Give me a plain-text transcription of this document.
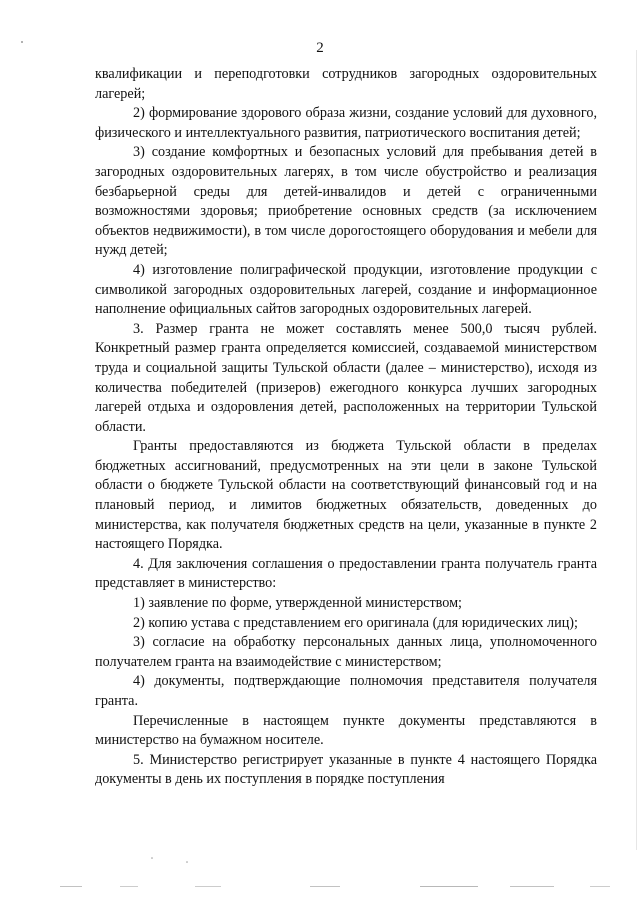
2

квалификации и переподготовки сотрудников загородных оздоровительных лагерей;

2) формирование здорового образа жизни, создание условий для духовного, физического и интеллектуального развития, патриотического воспитания детей;

3) создание комфортных и безопасных условий для пребывания детей в загородных оздоровительных лагерях, в том числе обустройство и реализация безбарьерной среды для детей-инвалидов и детей с ограниченными возможностями здоровья; приобретение основных средств (за исключением объектов недвижимости), в том числе дорогостоящего оборудования и мебели для нужд детей;

4) изготовление полиграфической продукции, изготовление продукции с символикой загородных оздоровительных лагерей, создание и информационное наполнение официальных сайтов загородных оздоровительных лагерей.

3. Размер гранта не может составлять менее 500,0 тысяч рублей. Конкретный размер гранта определяется комиссией, создаваемой министерством труда и социальной защиты Тульской области (далее – министерство), исходя из количества победителей (призеров) ежегодного конкурса лучших загородных лагерей отдыха и оздоровления детей, расположенных на территории Тульской области.

Гранты предоставляются из бюджета Тульской области в пределах бюджетных ассигнований, предусмотренных на эти цели в законе Тульской области о бюджете Тульской области на соответствующий финансовый год и на плановый период, и лимитов бюджетных обязательств, доведенных до министерства, как получателя бюджетных средств на цели, указанные в пункте 2 настоящего Порядка.

4. Для заключения соглашения о предоставлении гранта получатель гранта представляет в министерство:

1) заявление по форме, утвержденной министерством;

2) копию устава с представлением его оригинала (для юридических лиц);

3) согласие на обработку персональных данных лица, уполномоченного получателем гранта на взаимодействие с министерством;

4) документы, подтверждающие полномочия представителя получателя гранта.

Перечисленные в настоящем пункте документы представляются в министерство на бумажном носителе.

5. Министерство регистрирует указанные в пункте 4 настоящего Порядка документы в день их поступления в порядке поступления
